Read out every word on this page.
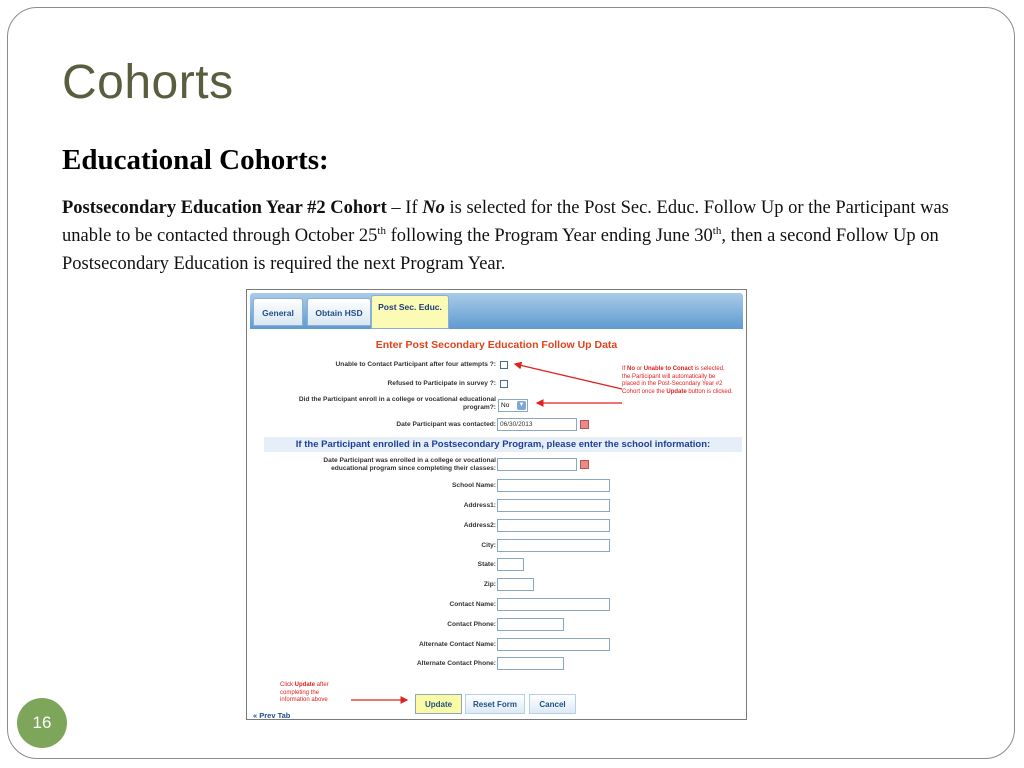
Cohorts
Educational Cohorts:
Postsecondary Education Year #2 Cohort – If No is selected for the Post Sec. Educ. Follow Up or the Participant was unable to be contacted through October 25th following the Program Year ending June 30th, then a second Follow Up on Postsecondary Education is required the next Program Year.
General	Obtain HSD
Post Sec. Educ.
Enter Post Secondary Education Follow Up Data
Unable to Contact Participant after four attempts ?:
Refused to Participate in survey ?:
Did the Participant enroll in a college or vocational educational
program?: No ▼
Date Participant was contacted: 06/30/2013
If the Participant enrolled in a Postsecondary Program, please enter the school information:
Date Participant was enrolled in a college or vocational
educational program since completing their classes:
School Name:
Address1:
Address2:
City:
State:
Zip:
Contact Name:
Contact Phone:
Alternate Contact Name:
Alternate Contact Phone:
If No or Unable to Conact is selected, the Participant will automatically be placed in the Post-Secondary Year #2 Cohort once the Update button is clicked.
Click Update after completing the information above	Update	Reset Form	Cancel
« Prev Tab
16
